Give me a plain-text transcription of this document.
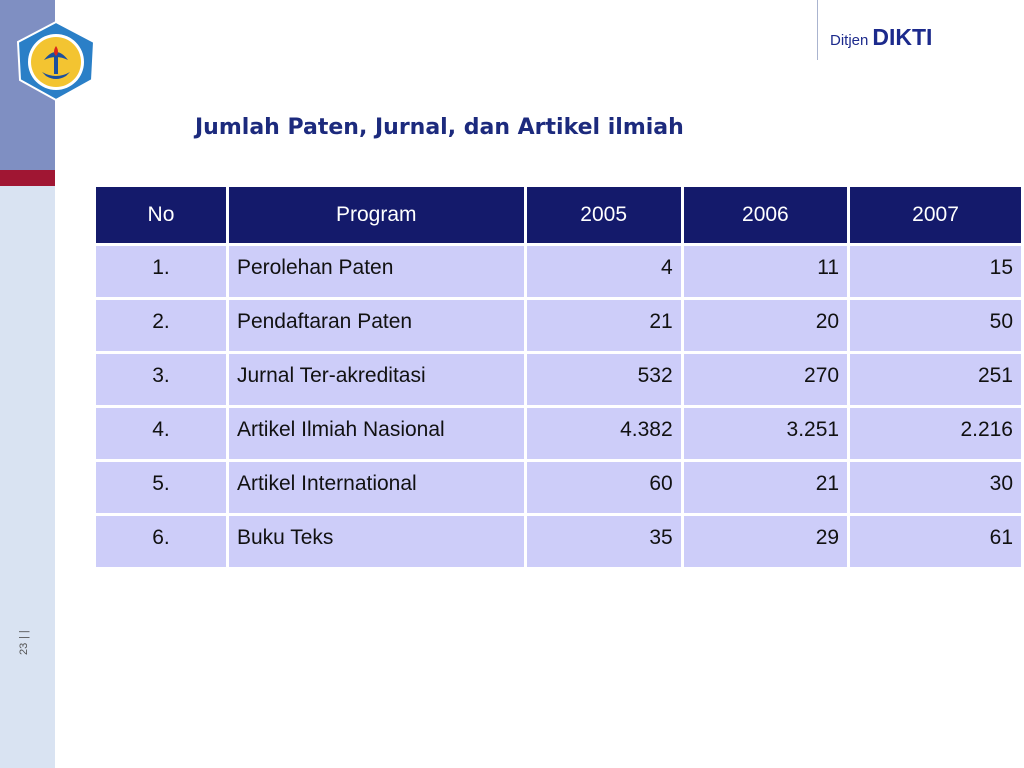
23
| |
Ditjen DIKTI
Jumlah Paten, Jurnal, dan Artikel ilmiah
No	Program	2005	2006	2007
1.	Perolehan Paten	4	11	15
2.	Pendaftaran Paten	21	20	50
3.	Jurnal Ter-akreditasi	532	270	251
4.	Artikel Ilmiah Nasional	4.382	3.251	2.216
5.	Artikel International	60	21	30
6.	Buku Teks	35	29	61
